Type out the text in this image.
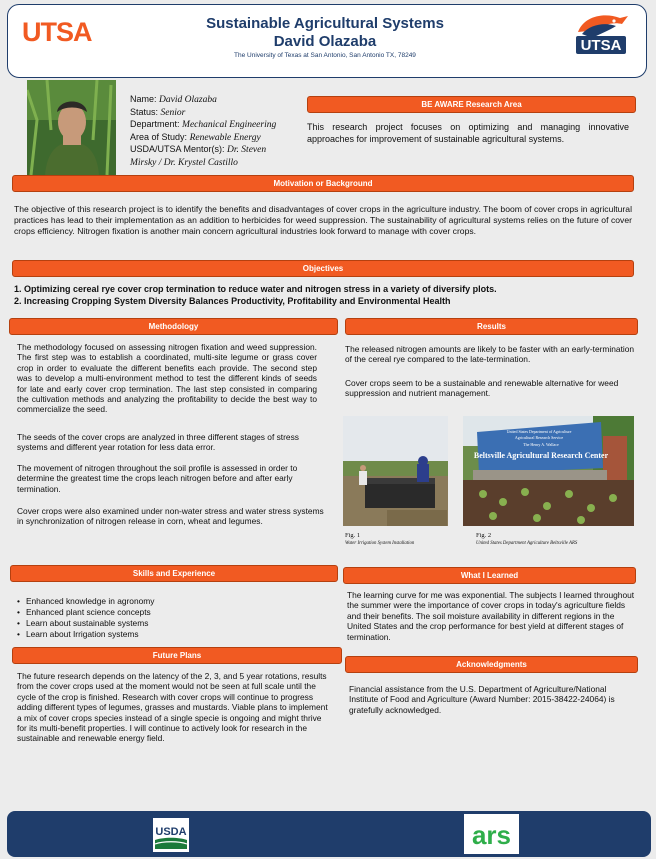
UTSA	Sustainable Agricultural Systems
David Olazaba
The University of Texas at San Antonio, San Antonio TX, 78249
UTSA
Name: David Olazaba
Status: Senior
Department: Mechanical Engineering
Area of Study: Renewable Energy
USDA/UTSA Mentor(s): Dr. Steven
Mirsky / Dr. Krystel Castillo
BE AWARE Research Area
This research project focuses on optimizing and managing innovative approaches for improvement of sustainable agricultural systems.
Motivation or Background
The objective of this research project is to identify the benefits and disadvantages of cover crops in the agriculture industry. The boom of cover crops in agricultural practices has lead to their implementation as an addition to herbicides for weed suppression. The sustainability of agricultural systems relies on the future of cover crops efficiency. Nitrogen fixation is another main concern agricultural industries look forward to manage with cover crops.
Objectives
1. Optimizing cereal rye cover crop termination to reduce water and nitrogen stress in a variety of diversify plots.
2. Increasing Cropping System Diversity Balances Productivity, Profitability and Environmental Health
Methodology
The methodology focused on assessing nitrogen fixation and weed suppression. The first step was to establish a coordinated, multi-site legume or grass cover crop in order to evaluate the different benefits each provide. The second step was to develop a multi-environment method to test the different kinds of seeds for late and early cover crop termination. The last step consisted in comparing the cultivation methods and analyzing the profitability to decide the best way to commercialize the seed.
The seeds of the cover crops are analyzed in three different stages of stress systems and different year rotation for less data error.
The movement of nitrogen throughout the soil profile is assessed in order to determine the greatest time the crops leach nitrogen before and after early termination.
Cover crops were also examined under non-water stress and water stress systems in synchronization of nitrogen release in corn, wheat and legumes.
Results
The released nitrogen amounts are likely to be faster with an early-termination of the cereal rye compared to the late-termination.
Cover crops seem to be a sustainable and renewable alternative for weed suppression and nutrient management.
Fig. 1
Water Irrigation System Installation
United States Department of Agriculture
Agricultural Research Service
The Henry A. Wallace
Beltsville Agricultural Research Center
Fig. 2
United States Department Agriculture Beltsville ARS
Skills and Experience
• Enhanced knowledge in agronomy
• Enhanced plant science concepts
• Learn about sustainable systems
• Learn about Irrigation systems
What I Learned
The learning curve for me was exponential. The subjects I learned throughout the summer were the importance of cover crops in today's agriculture fields and their benefits. The soil moisture availability in different regions in the United States and the crop performance for best yield at different stages of termination.
Future Plans
The future research depends on the latency of the 2, 3, and 5 year rotations, results from the cover crops used at the moment would not be seen at full scale until the cycle of the crop is finished. Research with cover crops will continue to progress adding different types of legumes, grasses and mustards. Viable plans to implement a mix of cover crops species instead of a single specie is ongoing and might thrive for its multi-benefit properties. I will continue to actively look for research in the sustainable and renewable energy field.
Acknowledgments
Financial assistance from the U.S. Department of Agriculture/National Institute of Food and Agriculture (Award Number: 2015-38422-24064) is gratefully acknowledged.
USDA	ars
